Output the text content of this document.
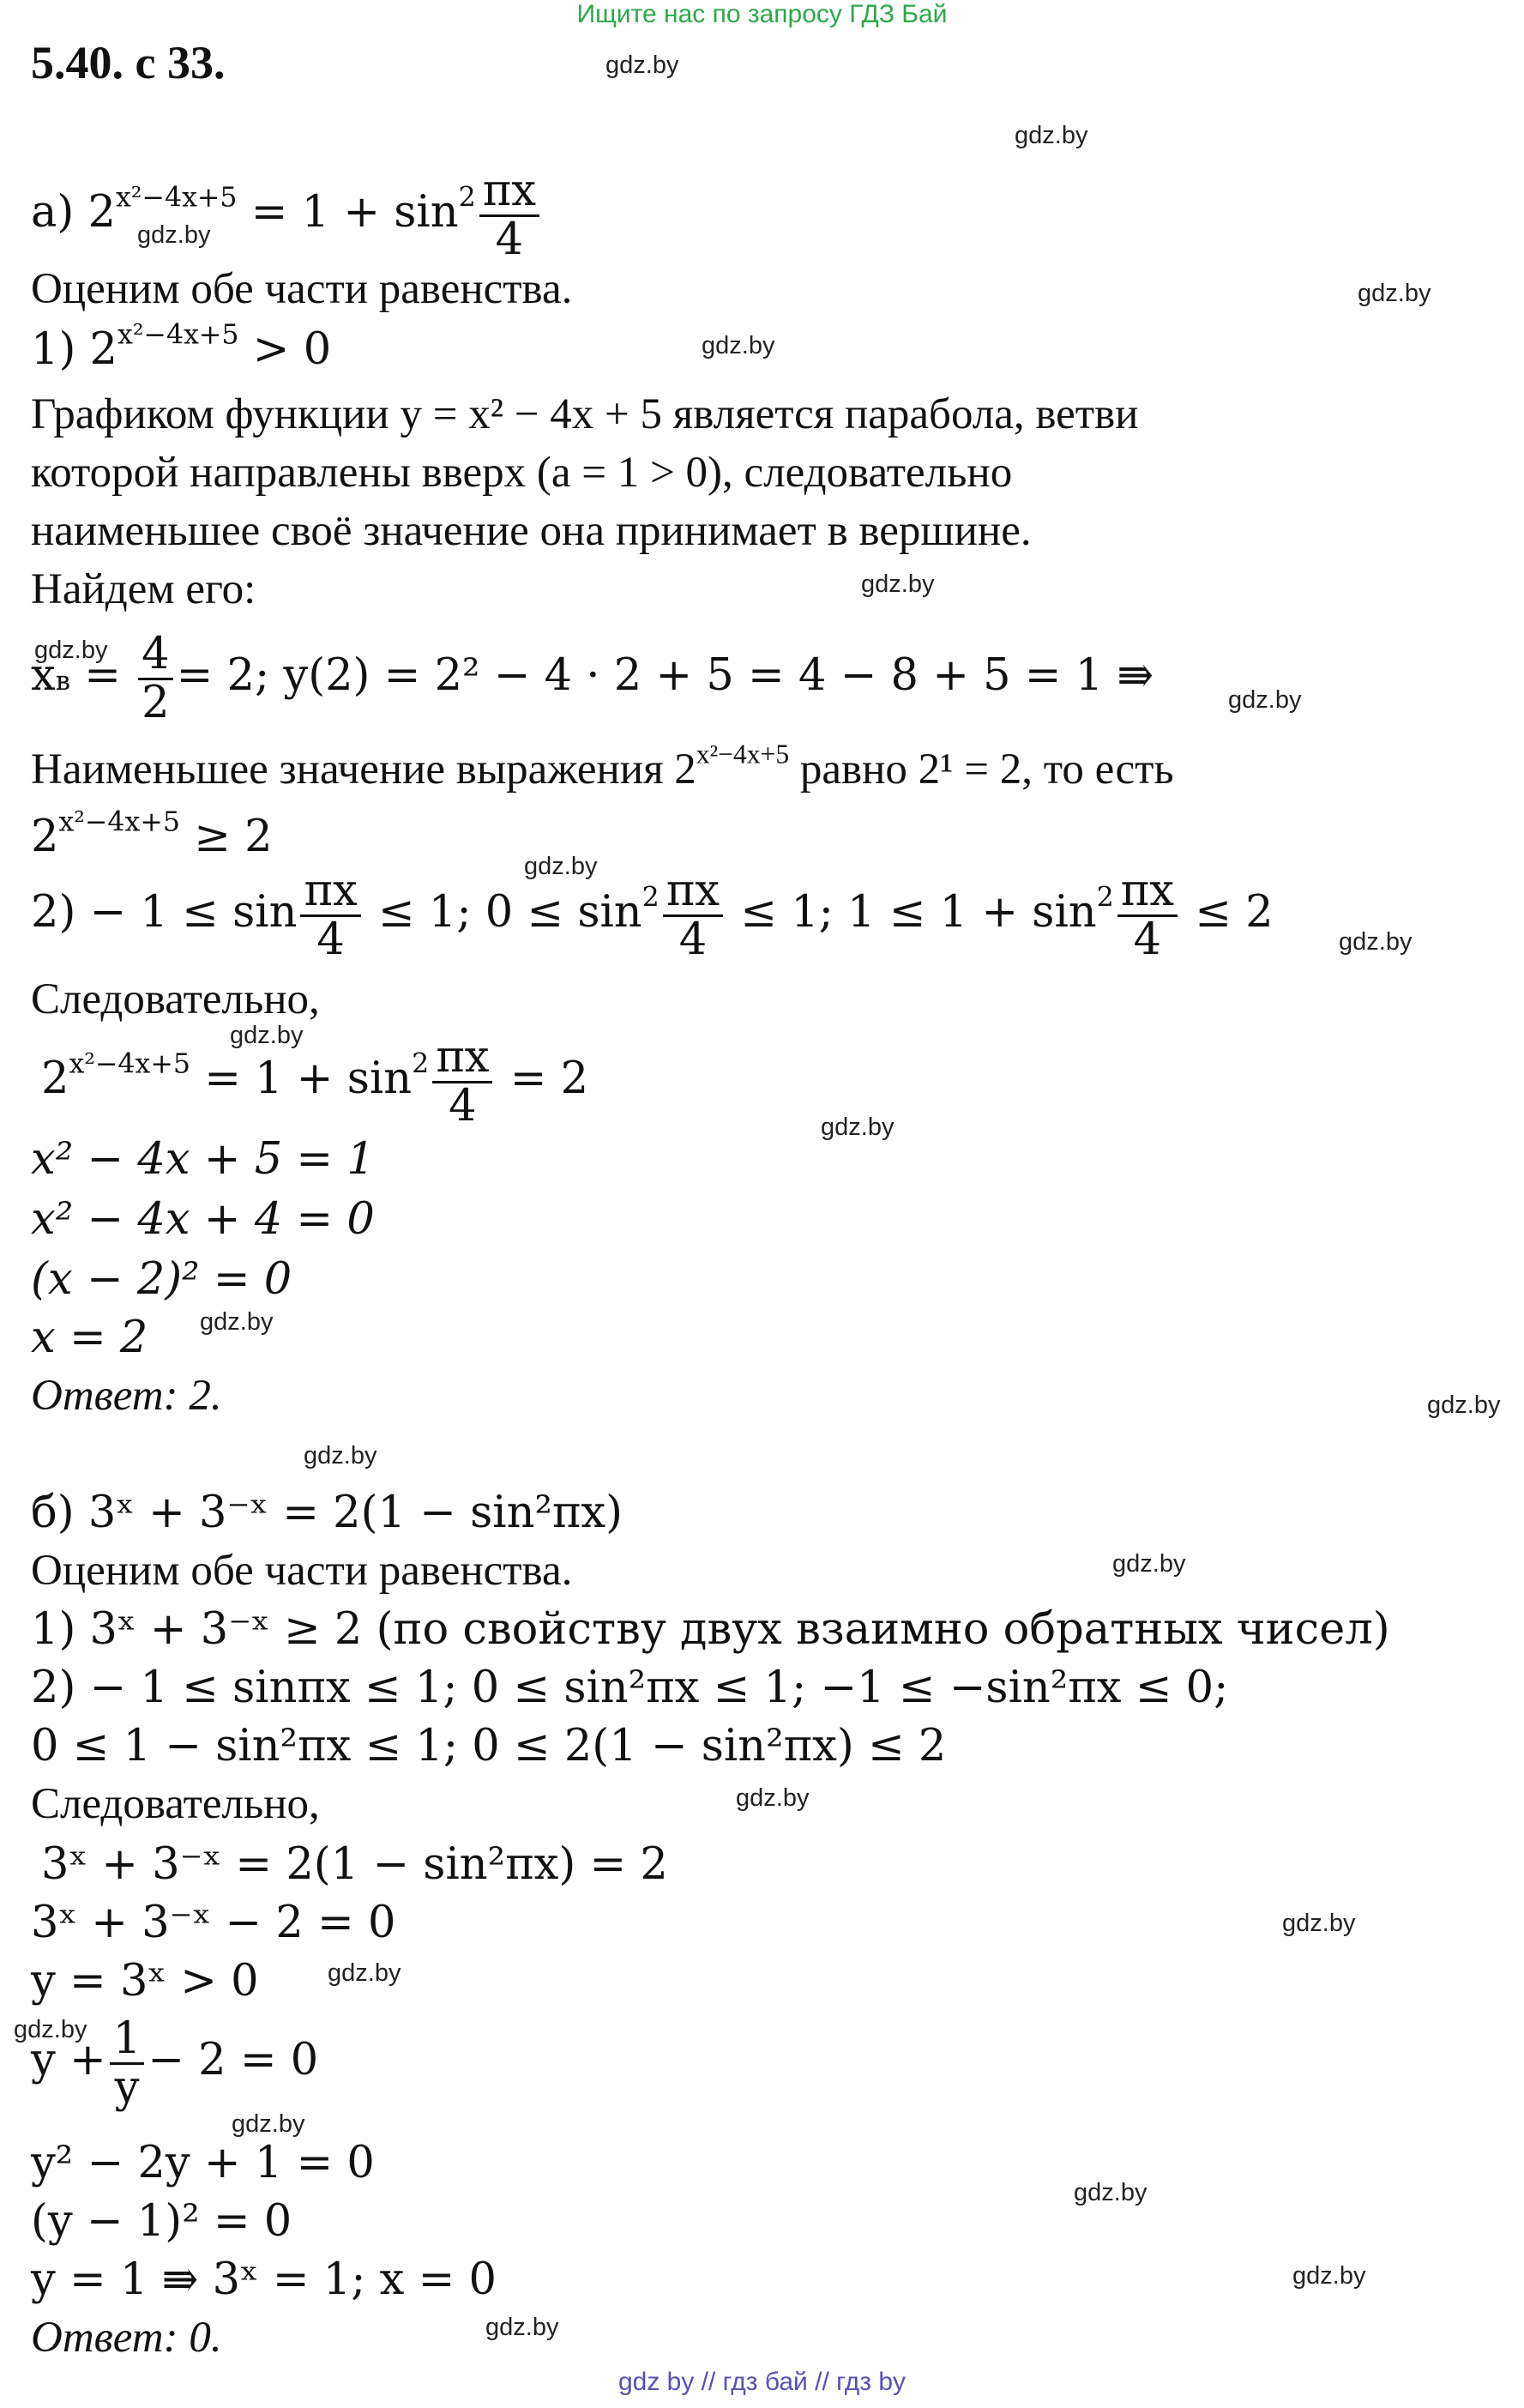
Ищите нас по запросу ГДЗ Бай
5.40. с 33.	gdz.by
gdz.by
gdz.by
gdz.by
gdz.by
gdz.by
gdz.by
gdz.by
gdz.by
gdz.by
gdz.by
gdz.by
gdz.by
gdz.by
gdz.by
gdz.by
gdz.by
gdz.by
gdz.by
gdz.by
gdz.by
gdz.by
gdz.by
gdz.by
а) $2^{x^2-4x+5} = 1 + \sin^2 \frac{\pi x}{4}$
Оценим обе части равенства.
1) $2^{x^2-4x+5} > 0$
Графиком функции y = x² − 4x + 5 является парабола, ветви
которой направлены вверх (a = 1 > 0), следовательно
наименьшее своё значение она принимает в вершине.
Найдем его:
xв = $\frac{4}{2} = 2$; y(2) = 2² − 4 · 2 + 5 = 4 − 8 + 5 = 1 ⇛
Наименьшее значение выражения $2^{x^2-4x+5}$ равно 2¹ = 2, то есть
$2^{x^2-4x+5} \ge 2$
$2) - 1 \le \sin \frac{\pi x}{4} \le 1$; $0 \le \sin^2 \frac{\pi x}{4} \le 1$; $1 \le 1 + \sin^2 \frac{\pi x}{4} \le 2$
Следовательно,
$2^{x^2-4x+5} = 1 + \sin^2 \frac{\pi x}{4} = 2$
x² − 4x + 5 = 1
x² − 4x + 4 = 0
(x − 2)² = 0
x = 2
Ответ: 2.
б) 3ˣ + 3⁻ˣ = 2(1 − sin²πx)
Оценим обе части равенства.
1) 3ˣ + 3⁻ˣ ≥ 2 (по свойству двух взаимно обратных чисел)
2) − 1 ≤ sinπx ≤ 1; 0 ≤ sin²πx ≤ 1; −1 ≤ −sin²πx ≤ 0;
0 ≤ 1 − sin²πx ≤ 1; 0 ≤ 2(1 − sin²πx) ≤ 2
Следовательно,
3ˣ + 3⁻ˣ = 2(1 − sin²πx) = 2
3ˣ + 3⁻ˣ − 2 = 0
y = 3ˣ > 0
$y + \frac{1}{y} - 2 = 0$
y² − 2y + 1 = 0
(y − 1)² = 0
y = 1 ⇛ 3ˣ = 1; x = 0
Ответ: 0.
gdz by // гдз бай // гдз by
